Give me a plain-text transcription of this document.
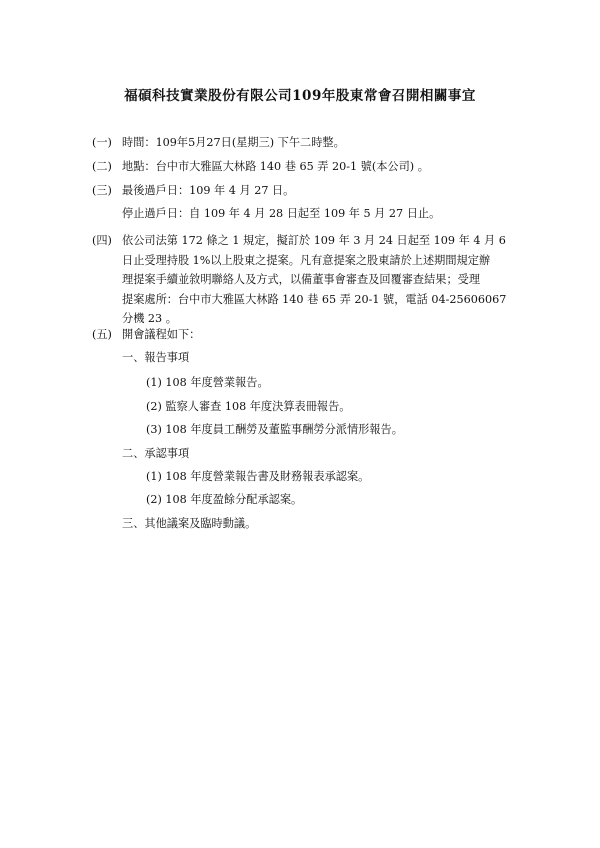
福碩科技實業股份有限公司109年股東常會召開相關事宜
(一) 時間：109年5月27日(星期三) 下午二時整。
(二) 地點：台中市大雅區大林路 140 巷 65 弄 20-1 號(本公司) 。
(三) 最後過戶日：109 年 4 月 27 日。
停止過戶日：自 109 年 4 月 28 日起至 109 年 5 月 27 日止。
(四) 依公司法第 172 條之 1 規定，擬訂於 109 年 3 月 24 日起至 109 年 4 月 6
日止受理持股 1%以上股東之提案。凡有意提案之股東請於上述期間規定辦
理提案手續並敘明聯絡人及方式，以備董事會審查及回覆審查結果；受理
提案處所：台中市大雅區大林路 140 巷 65 弄 20-1 號，電話 04-25606067
分機 23 。
(五) 開會議程如下：
一、報告事項
(1) 108 年度營業報告。
(2) 監察人審查 108 年度決算表冊報告。
(3) 108 年度員工酬勞及董監事酬勞分派情形報告。
二、承認事項
(1) 108 年度營業報告書及財務報表承認案。
(2) 108 年度盈餘分配承認案。
三、其他議案及臨時動議。
